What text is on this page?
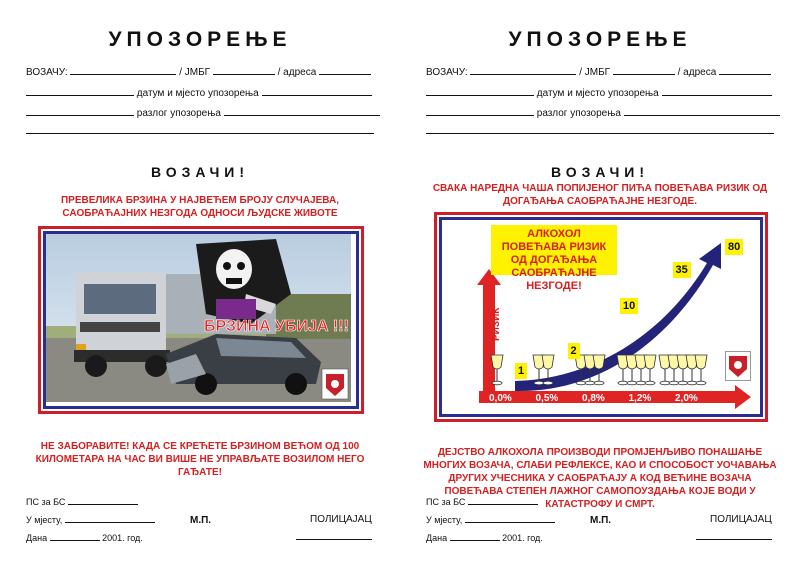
УПОЗОРЕЊЕ
ВОЗАЧУ:	/ ЈМБГ	/ адреса
датум и мјесто упозорења
разлог упозорења
ВОЗАЧИ!
ПРЕВЕЛИКА БРЗИНА У НАЈВЕЋЕМ БРОЈУ СЛУЧАЈЕВА, САОБРАЋАЈНИХ НЕЗГОДА ОДНОСИ ЉУДСКЕ ЖИВОТЕ
БРЗИНА УБИЈА !!!
НЕ ЗАБОРАВИТЕ! КАДА СЕ КРЕЋЕТЕ БРЗИНОМ ВЕЋОМ ОД 100 КИЛОМЕТАРА НА ЧАС ВИ ВИШЕ НЕ УПРАВЉАТЕ ВОЗИЛОМ НЕГО ГАЂАТЕ!
ПС за БС
У мјесту,
Дана	2001. год.
М.П.	ПОЛИЦАЈАЦ
УПОЗОРЕЊЕ
ВОЗАЧУ:	/ ЈМБГ	/ адреса
датум и мјесто упозорења
разлог упозорења
ВОЗАЧИ!
СВАКА НАРЕДНА ЧАША ПОПИЈЕНОГ ПИЋА ПОВЕЋАВА РИЗИК ОД ДОГАЂАЊА САОБРАЋАЈНЕ НЕЗГОДЕ.
АЛКОХОЛ ПОВЕЋАВА РИЗИК ОД ДОГАЂАЊА САОБРАЋАЈНЕ НЕЗГОДЕ!
РИЗИК
1
2
10
35
80
0,0% 0,5% 0,8% 1,2% 2,0%
ДЕЈСТВО АЛКОХОЛА ПРОИЗВОДИ ПРОМЈЕНЉИВО ПОНАШАЊЕ МНОГИХ ВОЗАЧА, СЛАБИ РЕФЛЕКСЕ, КАО И СПОСОБОСТ УОЧАВАЊА ДРУГИХ УЧЕСНИКА У САОБРАЋАЈУ А КОД ВЕЋИНЕ ВОЗАЧА ПОВЕЋАВА СТЕПЕН ЛАЖНОГ САМОПОУЗДАЊА КОЈЕ ВОДИ У КАТАСТРОФУ И СМРТ.
ПС за БС
У мјесту,
Дана	2001. год.
М.П.	ПОЛИЦАЈАЦ
